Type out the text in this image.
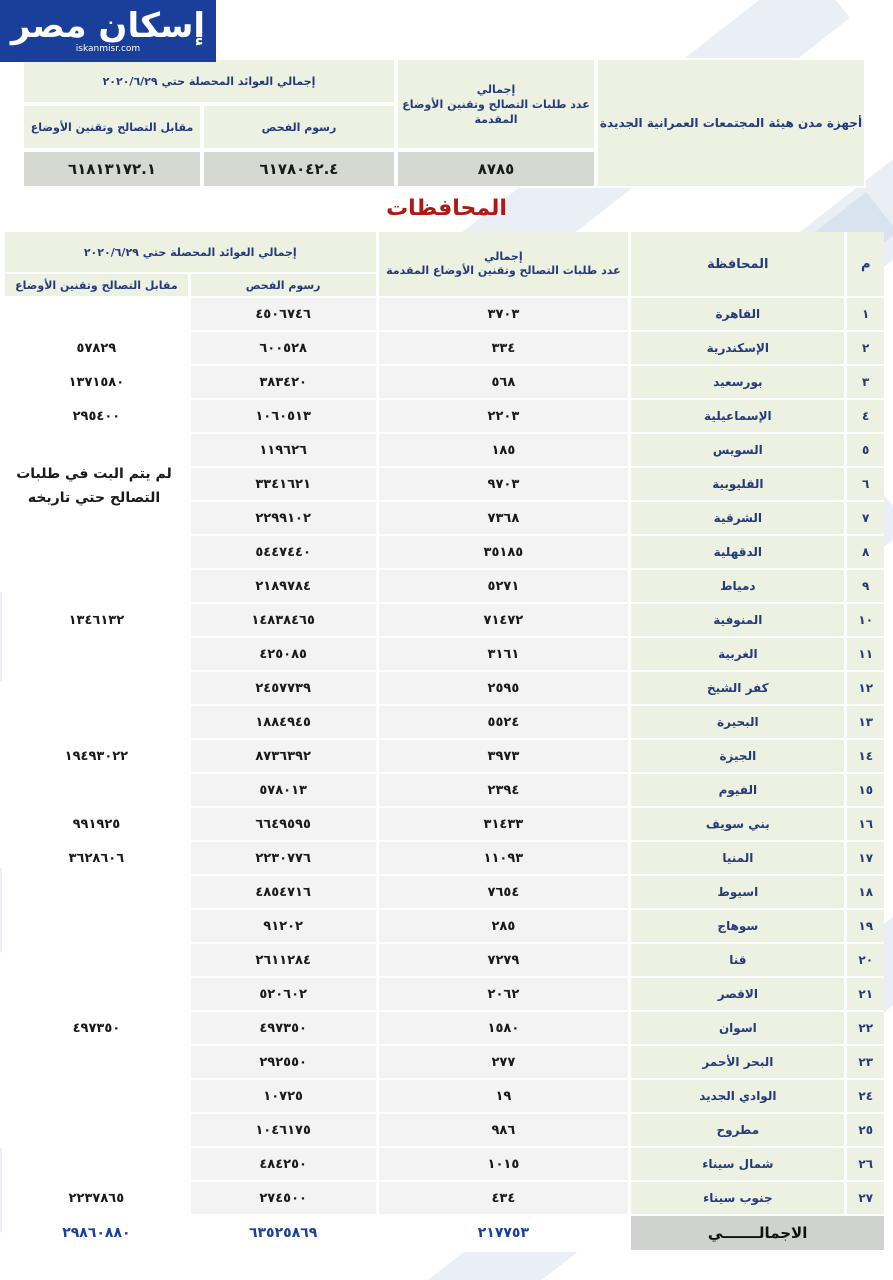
إسكان مصر
iskanmisr.com
أجهزة مدن هيئة المجتمعات العمرانية الجديدة	إجمالي
عدد طلبات التصالح وتقنين الأوضاع المقدمة	إجمالي العوائد المحصلة حتي ٢٠٢٠/٦/٢٩	
		رسوم الفحص	مقابل التصالح وتقنين الأوضاع
	٨٧٨٥	٦١٧٨٠٤٢.٤	٦١٨١٣١٧٢.١
المحافظات
م	المحافظة	إجمالي
عدد طلبات التصالح وتقنين الأوضاع المقدمة	إجمالي العوائد المحصلة حتي ٢٠٢٠/٦/٢٩	
			رسوم الفحص	مقابل التصالح وتقنين الأوضاع
١	القاهرة	٣٧٠٣	٤٥٠٦٧٤٦	
٢	الإسكندرية	٣٣٤	٦٠٠٥٢٨	٥٧٨٢٩
٣	بورسعيد	٥٦٨	٣٨٣٤٢٠	١٣٧١٥٨٠
٤	الإسماعيلية	٢٢٠٣	١٠٦٠٥١٣	٢٩٥٤٠٠
٥	السويس	١٨٥	١١٩٦٢٦	
٦	القليوبية	٩٧٠٣	٣٣٤١٦٢١	
٧	الشرقية	٧٣٦٨	٢٢٩٩١٠٢	
٨	الدقهلية	٣٥١٨٥	٥٤٤٧٤٤٠	
٩	دمياط	٥٢٧١	٢١٨٩٧٨٤	
١٠	المنوفية	٧١٤٧٢	١٤٨٣٨٤٦٥	١٣٤٦١٣٢
١١	الغربية	٣١٦١	٤٢٥٠٨٥	
١٢	كفر الشيخ	٢٥٩٥	٢٤٥٧٧٣٩	
١٣	البحيرة	٥٥٢٤	١٨٨٤٩٤٥	
١٤	الجيزة	٣٩٧٣	٨٧٣٦٣٩٢	١٩٤٩٣٠٢٢
١٥	الفيوم	٢٣٩٤	٥٧٨٠١٣	
١٦	بني سويف	٣١٤٣٣	٦٦٤٩٥٩٥	٩٩١٩٢٥
١٧	المنيا	١١٠٩٣	٢٢٣٠٧٧٦	٣٦٢٨٦٠٦
١٨	اسيوط	٧٦٥٤	٤٨٥٤٧١٦	
١٩	سوهاج	٢٨٥	٩١٢٠٢	
٢٠	قنا	٧٢٧٩	٢٦١١٢٨٤	
٢١	الاقصر	٢٠٦٢	٥٢٠٦٠٢	
٢٢	اسوان	١٥٨٠	٤٩٧٣٥٠	٤٩٧٣٥٠
٢٣	البحر الأحمر	٢٧٧	٢٩٢٥٥٠	
٢٤	الوادي الجديد	١٩	١٠٧٢٥	
٢٥	مطروح	٩٨٦	١٠٤٦١٧٥	
٢٦	شمال سيناء	١٠١٥	٤٨٤٢٥٠	
٢٧	جنوب سيناء	٤٣٤	٢٧٤٥٠٠	٢٢٣٧٨٦٥
الاجمالـــــــي		٢١٧٧٥٣	٦٣٥٢٥٨٦٩	٢٩٨٦٠٨٨٠
لم يتم البت في طلبات التصالح حتي تاريخه
